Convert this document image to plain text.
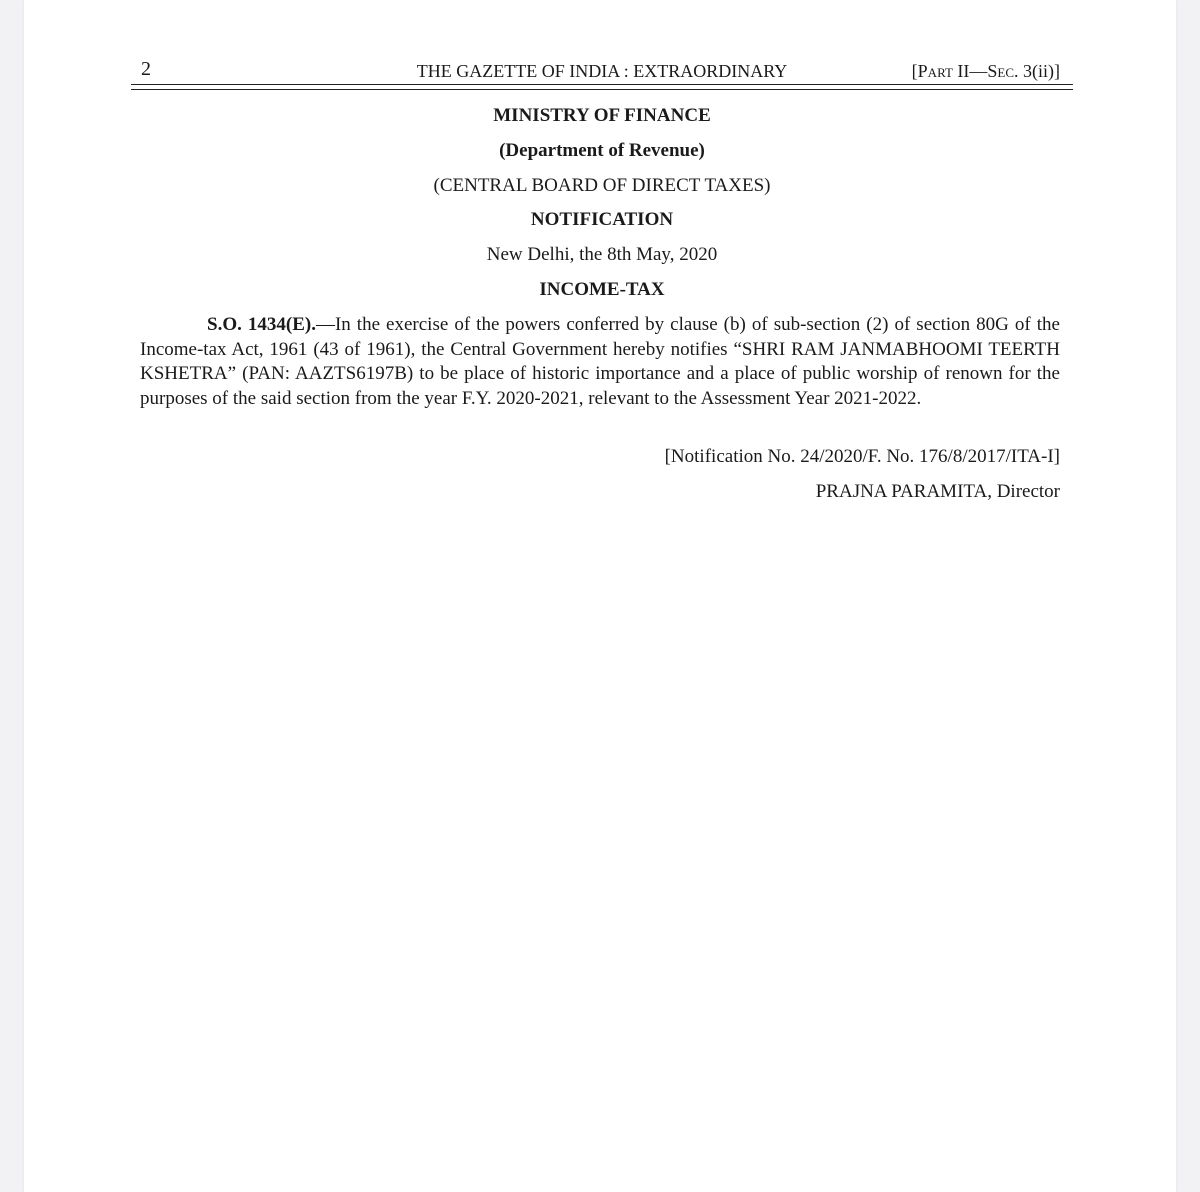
2	THE GAZETTE OF INDIA : EXTRAORDINARY	[Part II—Sec. 3(ii)]
MINISTRY OF FINANCE
(Department of Revenue)
(CENTRAL BOARD OF DIRECT TAXES)
NOTIFICATION
New Delhi, the 8th May, 2020
INCOME-TAX
S.O. 1434(E).—In the exercise of the powers conferred by clause (b) of sub-section (2) of section 80G of the Income-tax Act, 1961 (43 of 1961), the Central Government hereby notifies “SHRI RAM JANMABHOOMI TEERTH KSHETRA” (PAN: AAZTS6197B) to be place of historic importance and a place of public worship of renown for the purposes of the said section from the year F.Y. 2020-2021, relevant to the Assessment Year 2021-2022.
[Notification No. 24/2020/F. No. 176/8/2017/ITA-I]
PRAJNA PARAMITA, Director
